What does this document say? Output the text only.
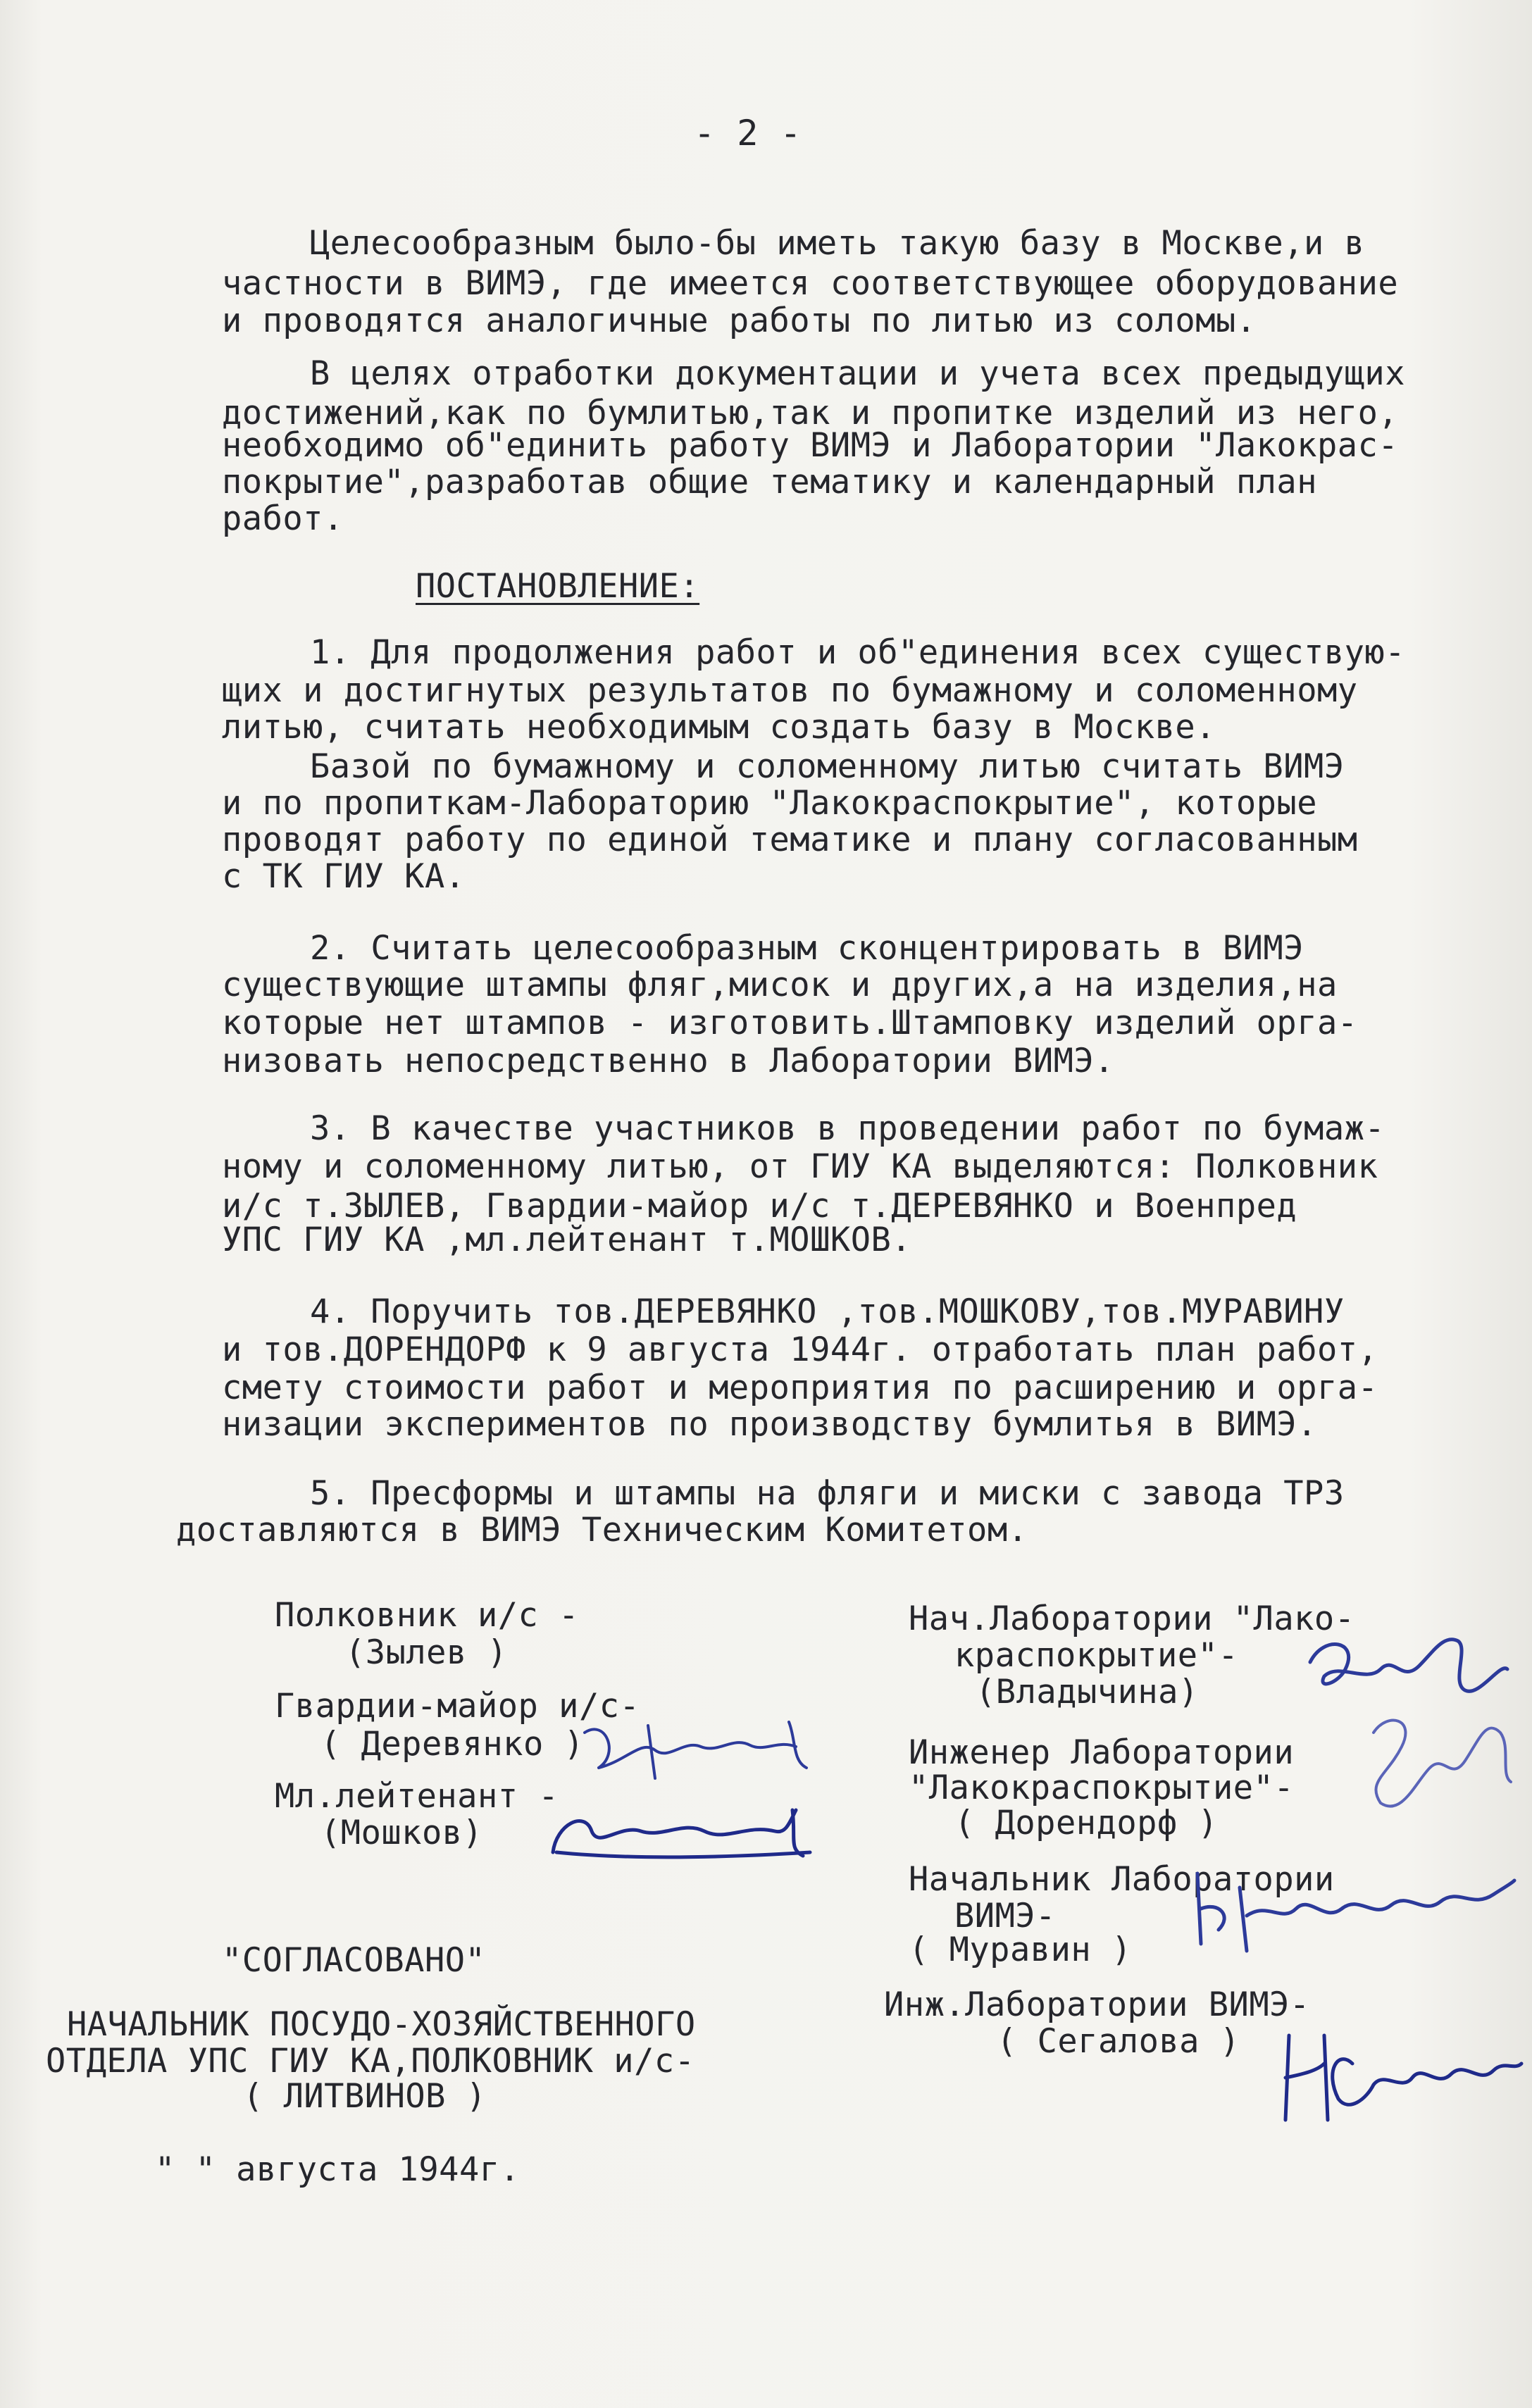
- 2 -
Целесообразным было-бы иметь такую базу в Москве,и в
частности в ВИМЭ, где имеется соответствующее оборудование
и проводятся аналогичные работы по литью из соломы.
В целях отработки документации и учета всех предыдущих
достижений,как по бумлитью,так и пропитке изделий из него,
необходимо об"единить работу ВИМЭ и Лаборатории "Лакокрас-
покрытие",разработав общие тематику и календарный план
работ.
ПОСТАНОВЛЕНИЕ:
1. Для продолжения работ и об"единения всех существую-
щих и достигнутых результатов по бумажному и соломенному
литью, считать необходимым создать базу в Москве.
Базой по бумажному и соломенному литью считать ВИМЭ
и по пропиткам-Лабораторию "Лакокраспокрытие", которые
проводят работу по единой тематике и плану согласованным
с ТК ГИУ КА.
2. Считать целесообразным сконцентрировать в ВИМЭ
существующие штампы фляг,мисок и других,а на изделия,на
которые нет штампов - изготовить.Штамповку изделий орга-
низовать непосредственно в Лаборатории ВИМЭ.
3. В качестве участников в проведении работ по бумаж-
ному и соломенному литью, от ГИУ КА выделяются: Полковник
и/с т.ЗЫЛЕВ, Гвардии-майор и/с т.ДЕРЕВЯНКО и Военпред
УПС ГИУ КА ,мл.лейтенант т.МОШКОВ.
4. Поручить тов.ДЕРЕВЯНКО ,тов.МОШКОВУ,тов.МУРАВИНУ
и тов.ДОРЕНДОРФ к 9 августа 1944г. отработать план работ,
смету стоимости работ и мероприятия по расширению и орга-
низации экспериментов по производству бумлитья в ВИМЭ.
5. Пресформы и штампы на фляги и миски с завода ТРЗ
доставляются в ВИМЭ Техническим Комитетом.
Полковник и/с -
(Зылев )
Гвардии-майор и/с-
( Деревянко )
Мл.лейтенант -
(Мошков)
Нач.Лаборатории "Лако-
краспокрытие"-
(Владычина)
Инженер Лаборатории
"Лакокраспокрытие"-
( Дорендорф )
Начальник Лаборатории
ВИМЭ-
( Муравин )
Инж.Лаборатории ВИМЭ-
( Сегалова )
"СОГЛАСОВАНО"
НАЧАЛЬНИК ПОСУДО-ХОЗЯЙСТВЕННОГО
ОТДЕЛА УПС ГИУ КА,ПОЛКОВНИК и/с-
( ЛИТВИНОВ )
" " августа 1944г.
